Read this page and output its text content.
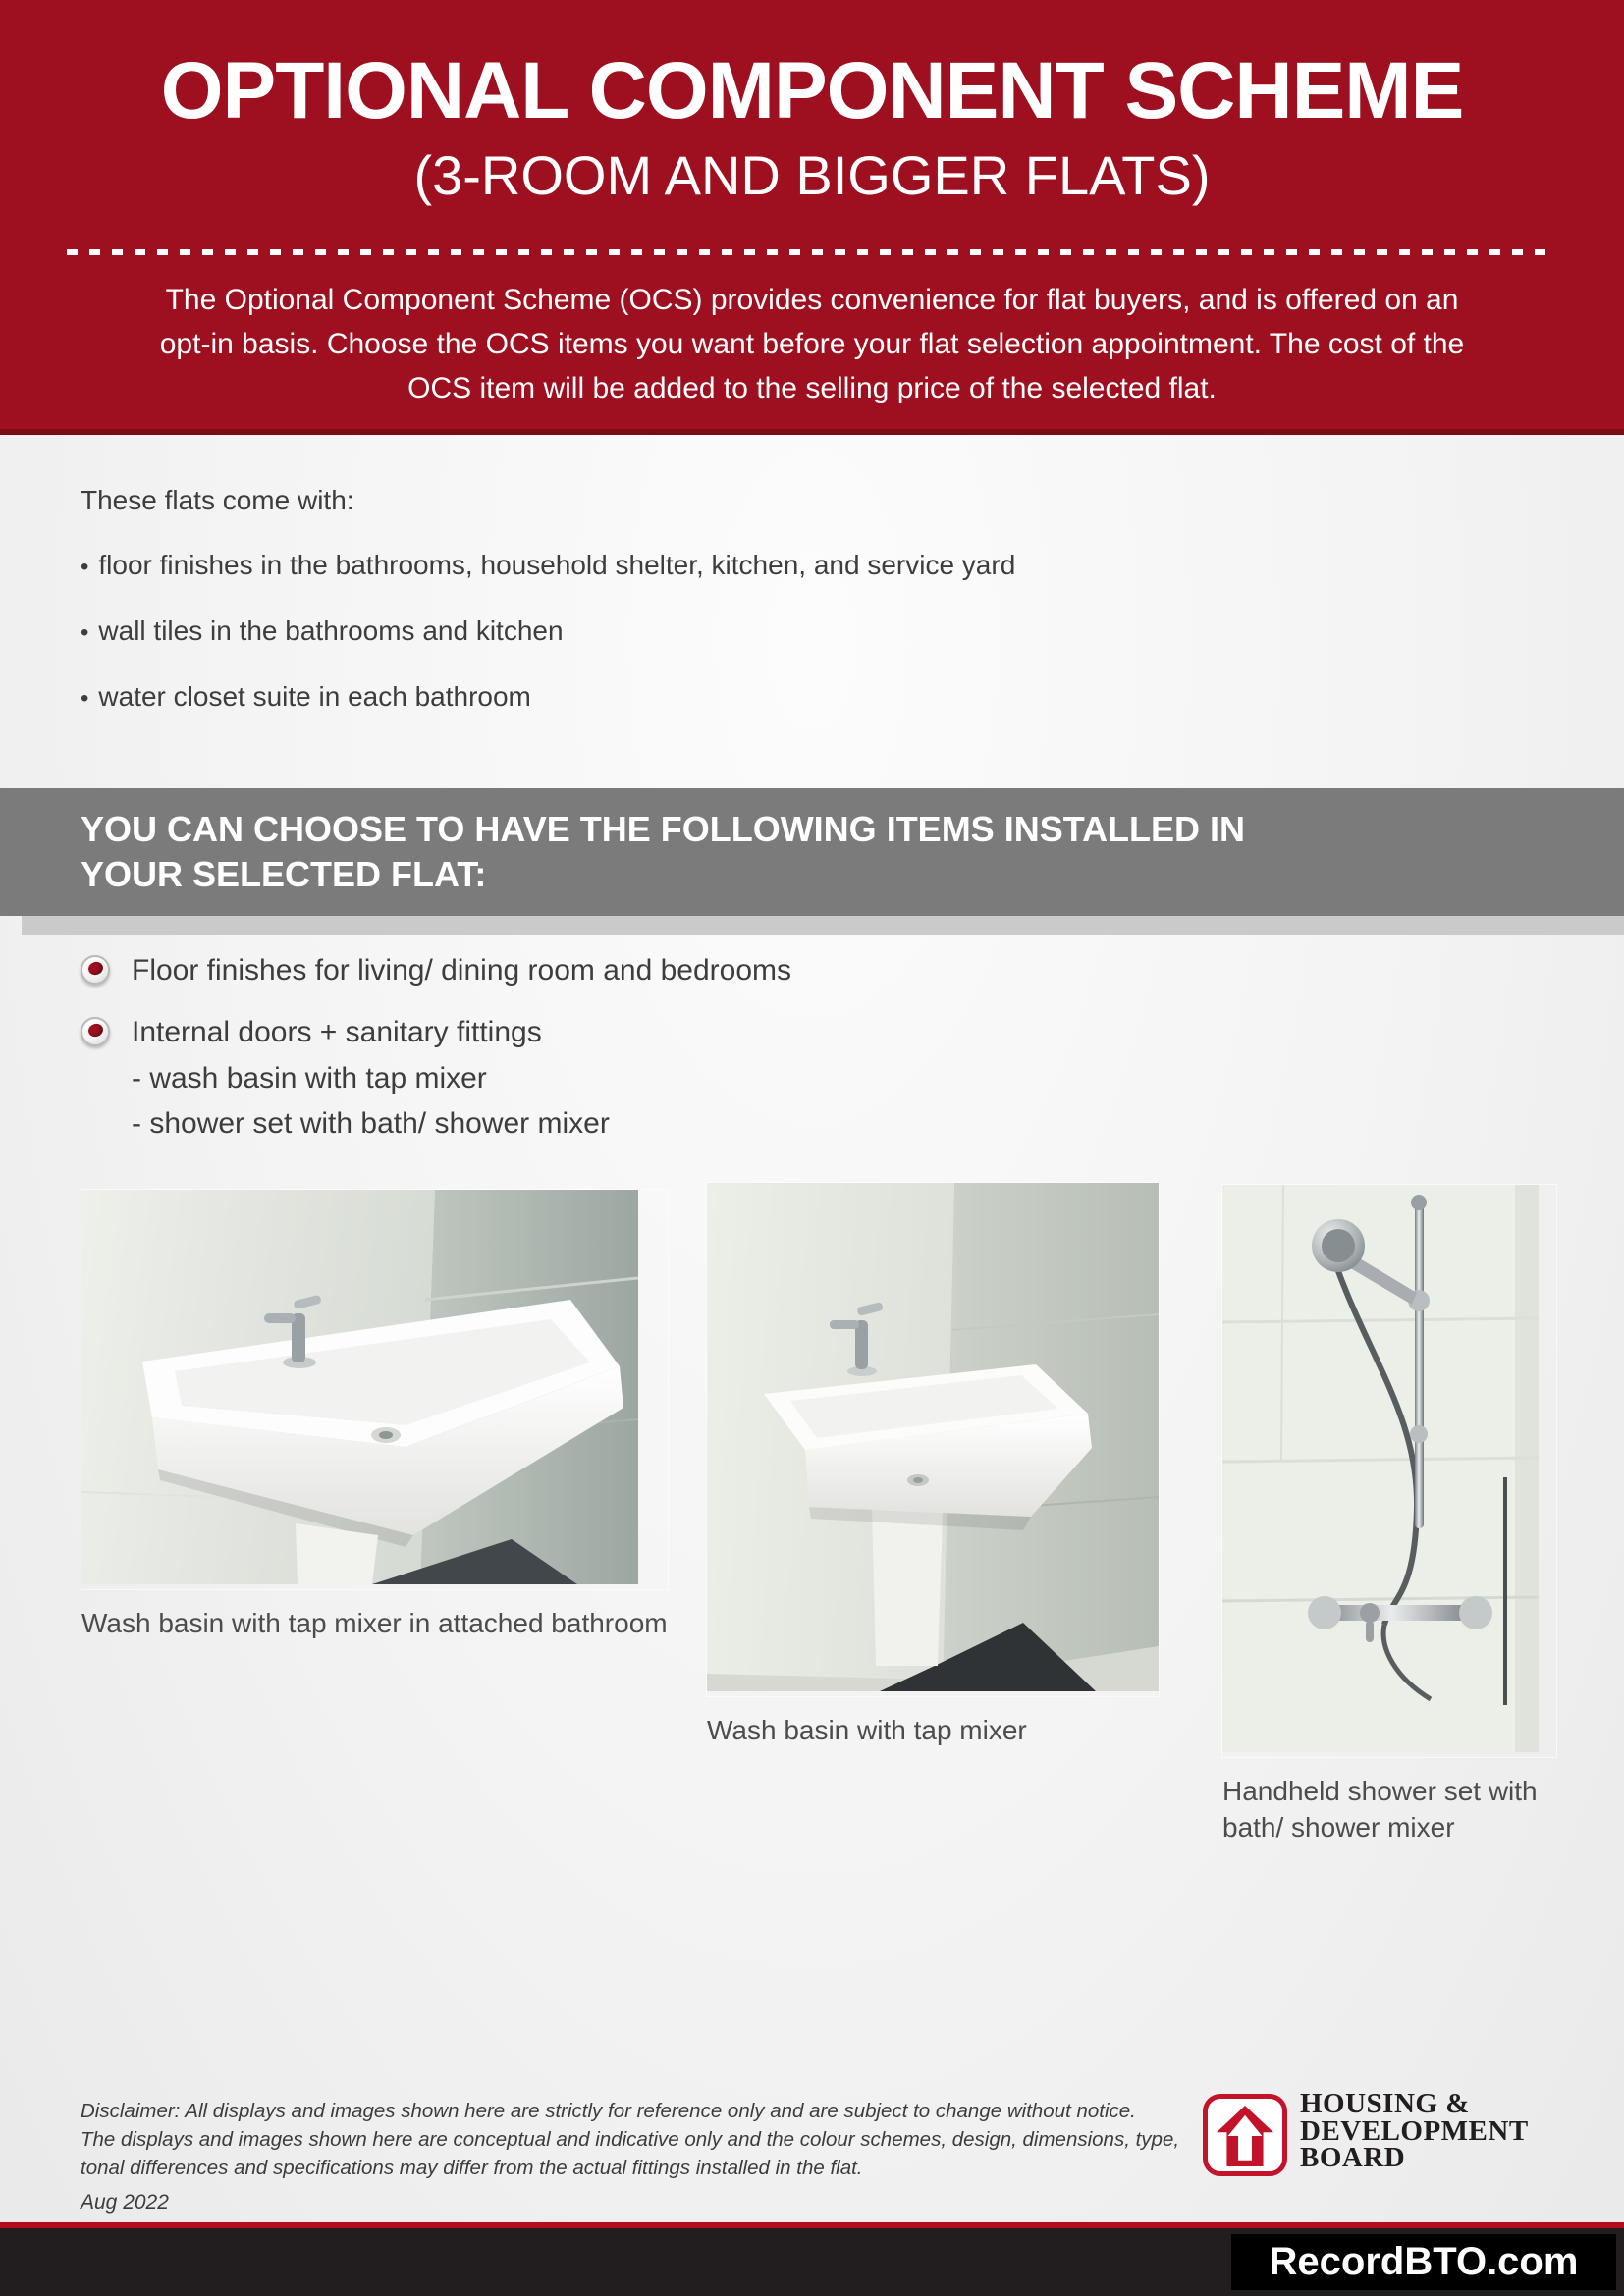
OPTIONAL COMPONENT SCHEME
(3-ROOM AND BIGGER FLATS)
The Optional Component Scheme (OCS) provides convenience for flat buyers, and is offered on an
opt-in basis. Choose the OCS items you want before your flat selection appointment. The cost of the
OCS item will be added to the selling price of the selected flat.
These flats come with:
• floor finishes in the bathrooms, household shelter, kitchen, and service yard
• wall tiles in the bathrooms and kitchen
• water closet suite in each bathroom
YOU CAN CHOOSE TO HAVE THE FOLLOWING ITEMS INSTALLED IN
YOUR SELECTED FLAT:
Floor finishes for living/ dining room and bedrooms
Internal doors + sanitary fittings
- wash basin with tap mixer
- shower set with bath/ shower mixer
Wash basin with tap mixer in attached bathroom
Wash basin with tap mixer
Handheld shower set with bath/ shower mixer
Disclaimer: All displays and images shown here are strictly for reference only and are subject to change without notice.
The displays and images shown here are conceptual and indicative only and the colour schemes, design, dimensions, type,
tonal differences and specifications may differ from the actual fittings installed in the flat.
Aug 2022
HOUSING &
DEVELOPMENT
BOARD
RecordBTO.com
